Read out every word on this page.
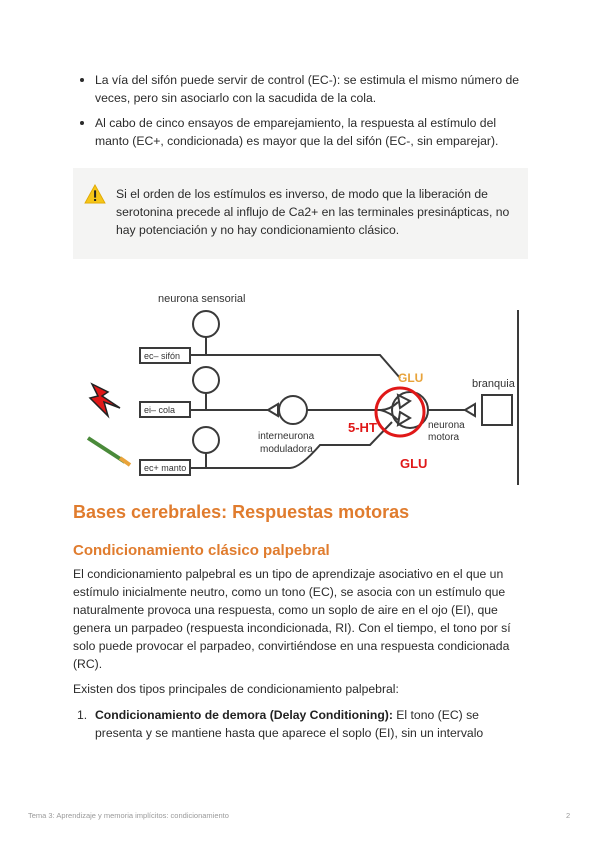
La vía del sifón puede servir de control (EC-): se estimula el mismo número de veces, pero sin asociarlo con la sacudida de la cola.
Al cabo de cinco ensayos de emparejamiento, la respuesta al estímulo del manto (EC+, condicionada) es mayor que la del sifón (EC-, sin emparejar).
Si el orden de los estímulos es inverso, de modo que la liberación de serotonina precede al influjo de Ca2+ en las terminales presinápticas, no hay potenciación y no hay condicionamiento clásico.
neurona sensorial
ec– sifón
ei– cola
ec+ manto
interneurona
moduladora
neurona
motora
branquia
GLU
GLU
5-HT
Bases cerebrales: Respuestas motoras
Condicionamiento clásico palpebral

El condicionamiento palpebral es un tipo de aprendizaje asociativo en el que un estímulo inicialmente neutro, como un tono (EC), se asocia con un estímulo que naturalmente provoca una respuesta, como un soplo de aire en el ojo (EI), que genera un parpadeo (respuesta incondicionada, RI). Con el tiempo, el tono por sí solo puede provocar el parpadeo, convirtiéndose en una respuesta condicionada (RC).

Existen dos tipos principales de condicionamiento palpebral:

1. Condicionamiento de demora (Delay Conditioning): El tono (EC) se presenta y se mantiene hasta que aparece el soplo (EI), sin un intervalo
Tema 3: Aprendizaje y memoria implícitos: condicionamiento	2
